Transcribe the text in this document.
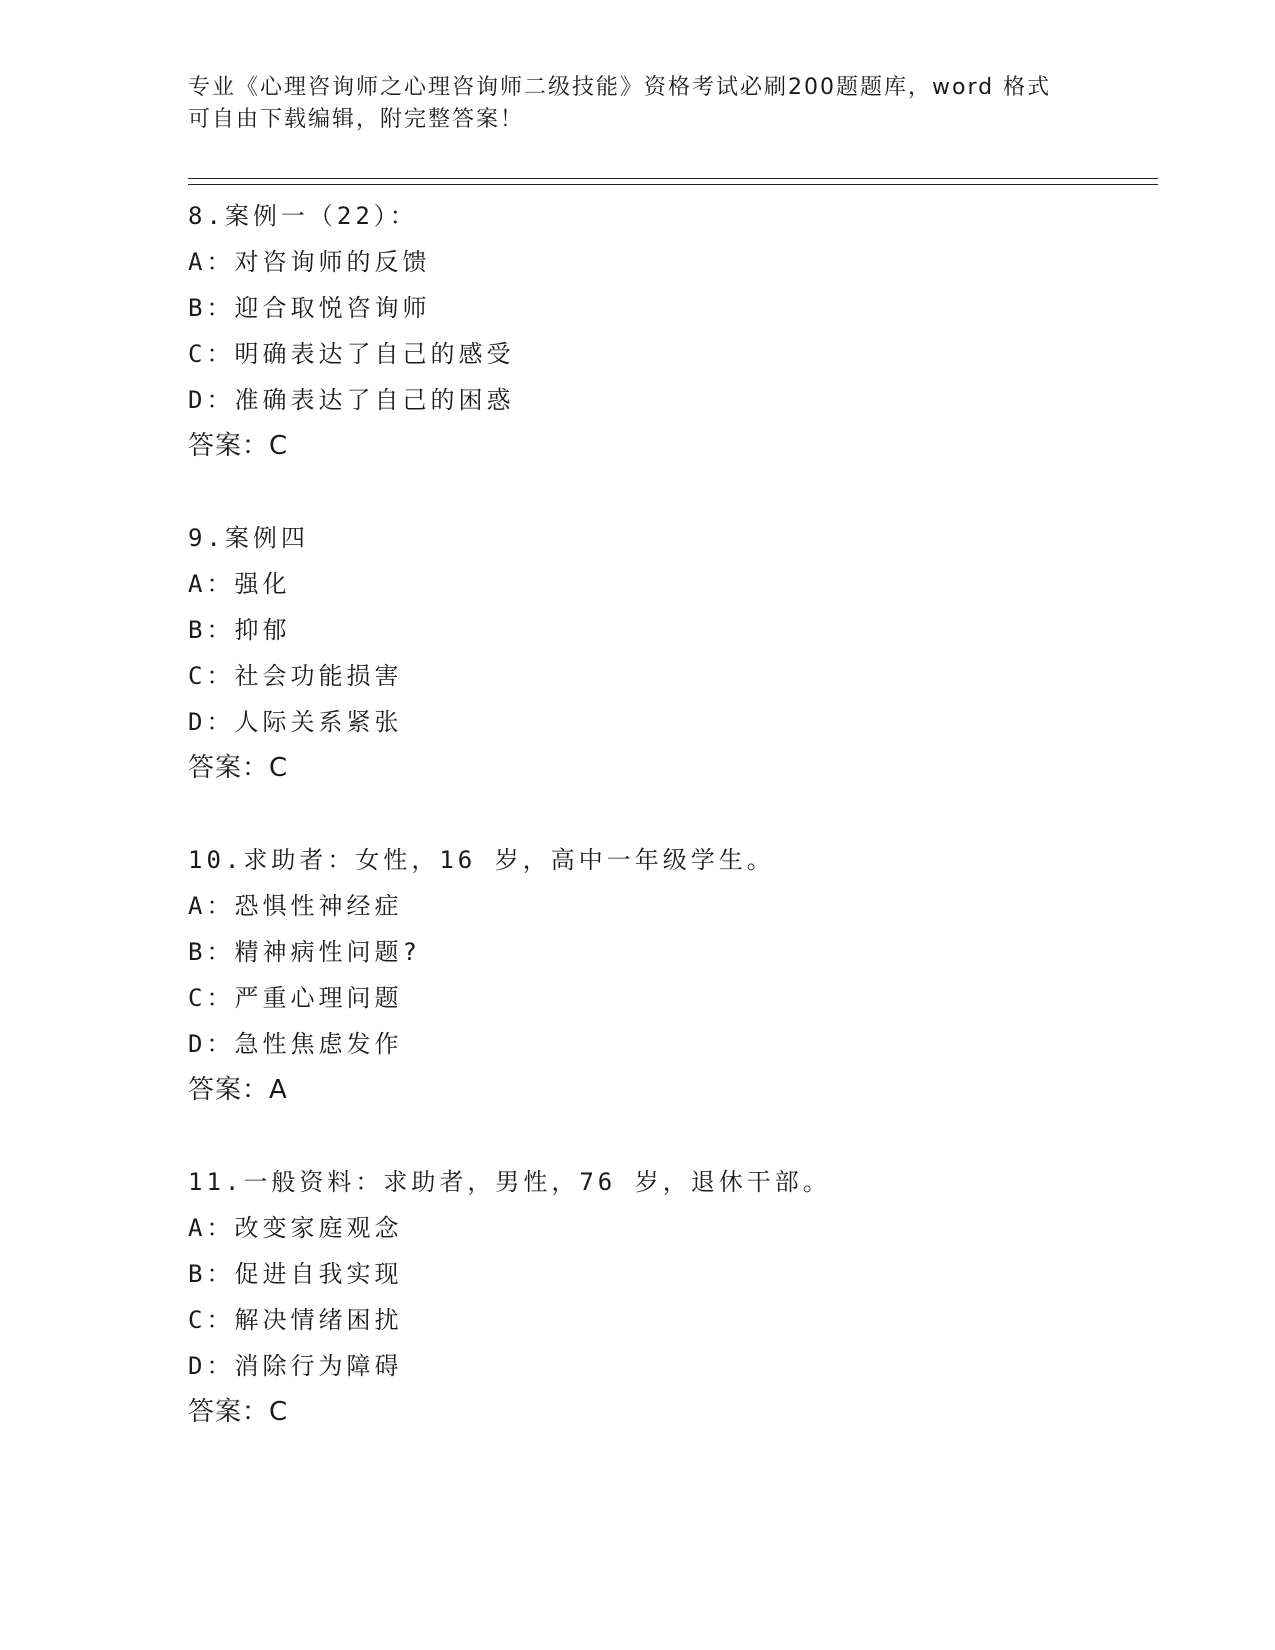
专业《心理咨询师之心理咨询师二级技能》资格考试必刷200题题库，word 格式
可自由下载编辑，附完整答案！
8.案例一（22）：
A：对咨询师的反馈
B：迎合取悦咨询师
C：明确表达了自己的感受
D：准确表达了自己的困惑
答案：C
9.案例四
A：强化
B：抑郁
C：社会功能损害
D：人际关系紧张
答案：C
10.求助者：女性，16 岁，高中一年级学生。
A：恐惧性神经症
B：精神病性问题?
C：严重心理问题
D：急性焦虑发作
答案：A
11.一般资料：求助者，男性，76 岁，退休干部。
A：改变家庭观念
B：促进自我实现
C：解决情绪困扰
D：消除行为障碍
答案：C
